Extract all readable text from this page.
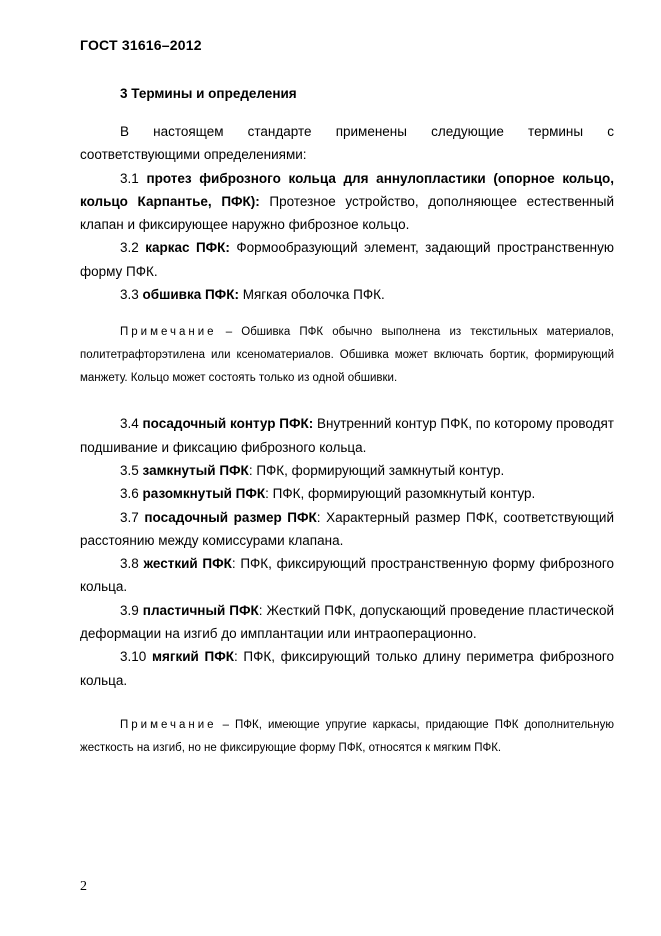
ГОСТ 31616–2012
3 Термины и определения

В настоящем стандарте применены следующие термины с соответствующими определениями:

3.1 протез фиброзного кольца для аннулопластики (опорное кольцо, кольцо Карпантье, ПФК): Протезное устройство, дополняющее естественный клапан и фиксирующее наружно фиброзное кольцо.

3.2 каркас ПФК: Формообразующий элемент, задающий пространственную форму ПФК.

3.3 обшивка ПФК: Мягкая оболочка ПФК.

Примечание – Обшивка ПФК обычно выполнена из текстильных материалов, политетрафторэтилена или ксеноматериалов. Обшивка может включать бортик, формирующий манжету. Кольцо может состоять только из одной обшивки.

3.4 посадочный контур ПФК: Внутренний контур ПФК, по которому проводят подшивание и фиксацию фиброзного кольца.

3.5 замкнутый ПФК: ПФК, формирующий замкнутый контур.

3.6 разомкнутый ПФК: ПФК, формирующий разомкнутый контур.

3.7 посадочный размер ПФК: Характерный размер ПФК, соответствующий расстоянию между комиссурами клапана.

3.8 жесткий ПФК: ПФК, фиксирующий пространственную форму фиброзного кольца.

3.9 пластичный ПФК: Жесткий ПФК, допускающий проведение пластической деформации на изгиб до имплантации или интраоперационно.

3.10 мягкий ПФК: ПФК, фиксирующий только длину периметра фиброзного кольца.

Примечание – ПФК, имеющие упругие каркасы, придающие ПФК дополнительную жесткость на изгиб, но не фиксирующие форму ПФК, относятся к мягким ПФК.

2
